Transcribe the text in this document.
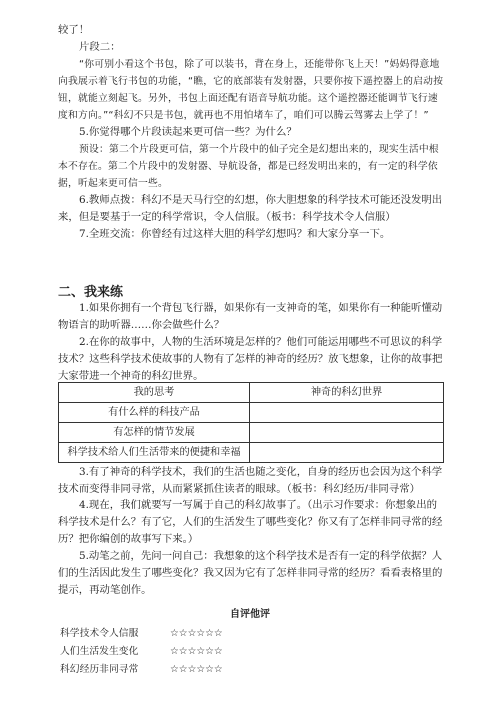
较了！

片段二：

“你可别小看这个书包，除了可以装书，背在身上，还能带你飞上天！”妈妈得意地向我展示着飞行书包的功能，“瞧，它的底部装有发射器，只要你按下遥控器上的启动按钮，就能立刻起飞。另外，书包上面还配有语音导航功能。这个遥控器还能调节飞行速度和方向。”“科幻不只是书包，就再也不用怕堵车了，咱们可以腾云驾雾去上学了！”

5.你觉得哪个片段读起来更可信一些？为什么？

预设：第二个片段更可信，第一个片段中的仙子完全是幻想出来的，现实生活中根本不存在。第二个片段中的发射器、导航设备，都是已经发明出来的，有一定的科学依据，听起来更可信一些。

6.教师点拨：科幻不是天马行空的幻想，你大胆想象的科学技术可能还没发明出来，但是要基于一定的科学常识，令人信服。（板书：科学技术令人信服）

7.全班交流：你曾经有过这样大胆的科学幻想吗？和大家分享一下。

二、我来练

1.如果你拥有一个背包飞行器，如果你有一支神奇的笔，如果你有一种能听懂动物语言的助听器……你会做些什么？

2.在你的故事中，人物的生活环境是怎样的？他们可能运用哪些不可思议的科学技术？这些科学技术使故事的人物有了怎样的神奇的经历？放飞想象，让你的故事把大家带进一个神奇的科幻世界。

我的思考	神奇的科幻世界
有什么样的科技产品	
有怎样的情节发展	
科学技术给人们生活带来的便捷和幸福	

3.有了神奇的科学技术，我们的生活也随之变化，自身的经历也会因为这个科学技术而变得非同寻常，从而紧紧抓住读者的眼球。（板书：科幻经历/非同寻常）

4.现在，我们就要写一写属于自己的科幻故事了。（出示习作要求：你想象出的科学技术是什么？有了它，人们的生活发生了哪些变化？你又有了怎样非同寻常的经历？把你编创的故事写下来。）

5.动笔之前，先问一问自己：我想象的这个科学技术是否有一定的科学依据？人们的生活因此发生了哪些变化？我又因为它有了怎样非同寻常的经历？看看表格里的提示，再动笔创作。

自评他评
科学技术令人信服	☆☆☆☆☆☆
人们生活发生变化	☆☆☆☆☆☆
科幻经历非同寻常	☆☆☆☆☆☆
